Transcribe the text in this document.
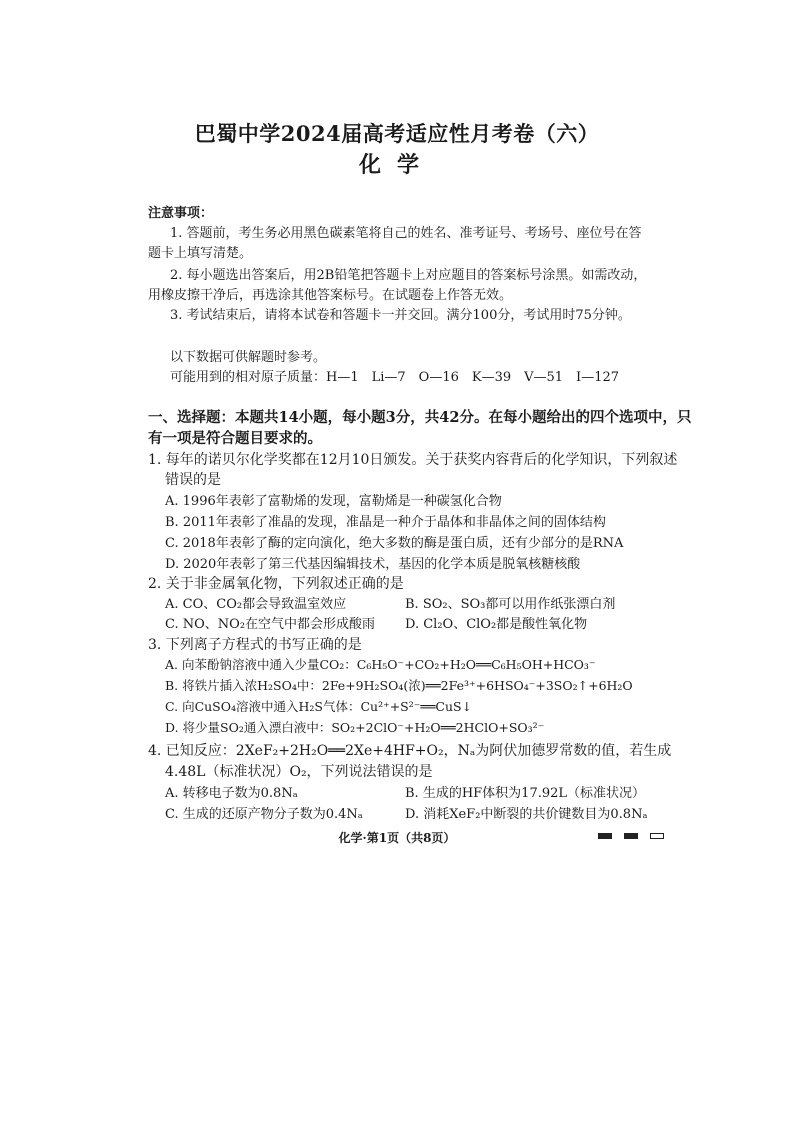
巴蜀中学2024届高考适应性月考卷（六）
化学
注意事项：
1. 答题前，考生务必用黑色碳素笔将自己的姓名、准考证号、考场号、座位号在答
题卡上填写清楚。
2. 每小题选出答案后，用2B铅笔把答题卡上对应题目的答案标号涂黑。如需改动，
用橡皮擦干净后，再选涂其他答案标号。在试题卷上作答无效。
3. 考试结束后，请将本试卷和答题卡一并交回。满分100分，考试用时75分钟。
以下数据可供解题时参考。
可能用到的相对原子质量：H—1　Li—7　O—16　K—39　V—51　I—127
一、选择题：本题共14小题，每小题3分，共42分。在每小题给出的四个选项中，只
有一项是符合题目要求的。
1. 每年的诺贝尔化学奖都在12月10日颁发。关于获奖内容背后的化学知识，下列叙述
错误的是
A. 1996年表彰了富勒烯的发现，富勒烯是一种碳氢化合物
B. 2011年表彰了准晶的发现，准晶是一种介于晶体和非晶体之间的固体结构
C. 2018年表彰了酶的定向演化，绝大多数的酶是蛋白质，还有少部分的是RNA
D. 2020年表彰了第三代基因编辑技术，基因的化学本质是脱氧核糖核酸
2. 关于非金属氧化物，下列叙述正确的是
A. CO、CO₂都会导致温室效应	B. SO₂、SO₃都可以用作纸张漂白剂
C. NO、NO₂在空气中都会形成酸雨 D. Cl₂O、ClO₂都是酸性氧化物
3. 下列离子方程式的书写正确的是
A. 向苯酚钠溶液中通入少量CO₂：C₆H₅O⁻+CO₂+H₂O══C₆H₅OH+HCO₃⁻
B. 将铁片插入浓H₂SO₄中：2Fe+9H₂SO₄(浓)══2Fe³⁺+6HSO₄⁻+3SO₂↑+6H₂O
C. 向CuSO₄溶液中通入H₂S气体：Cu²⁺+S²⁻══CuS↓
D. 将少量SO₂通入漂白液中：SO₂+2ClO⁻+H₂O══2HClO+SO₃²⁻
4. 已知反应：2XeF₂+2H₂O══2Xe+4HF+O₂，Nₐ为阿伏加德罗常数的值，若生成
4.48L（标准状况）O₂，下列说法错误的是
A. 转移电子数为0.8Nₐ	B. 生成的HF体积为17.92L（标准状况）
C. 生成的还原产物分子数为0.4Nₐ	D. 消耗XeF₂中断裂的共价键数目为0.8Nₐ
化学·第1页（共8页）
